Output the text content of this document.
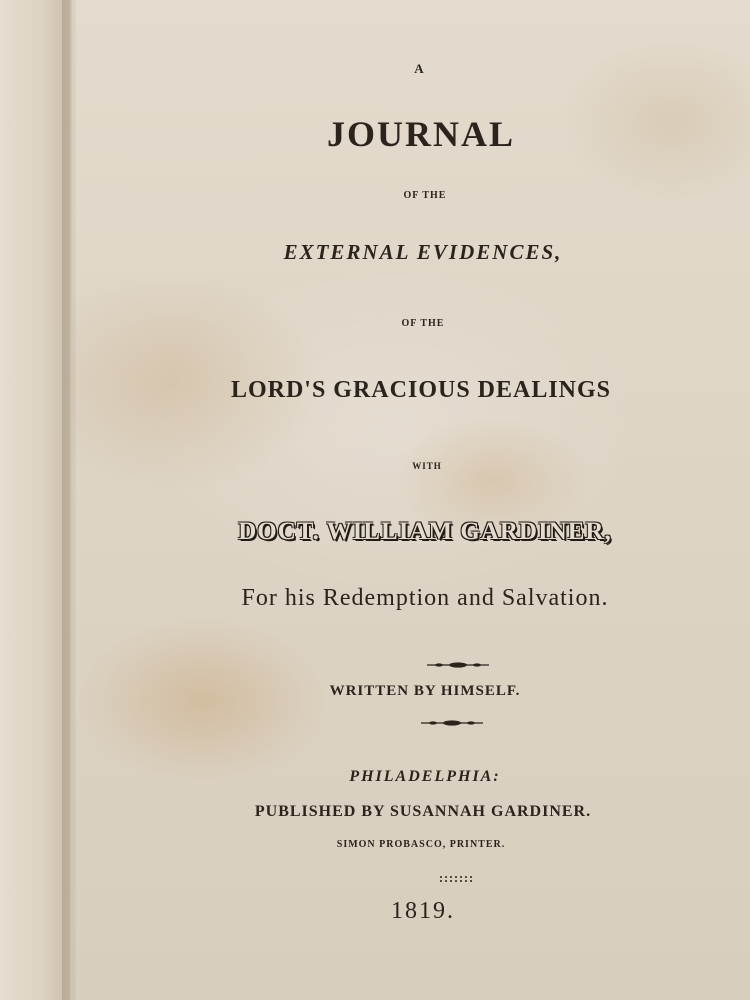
A
JOURNAL
OF THE
EXTERNAL EVIDENCES,
OF THE
LORD'S GRACIOUS DEALINGS
WITH
DOCT. WILLIAM GARDINER,
For his Redemption and Salvation.
WRITTEN BY HIMSELF.
PHILADELPHIA:
PUBLISHED BY SUSANNAH GARDINER.
SIMON PROBASCO, PRINTER.
1819.
